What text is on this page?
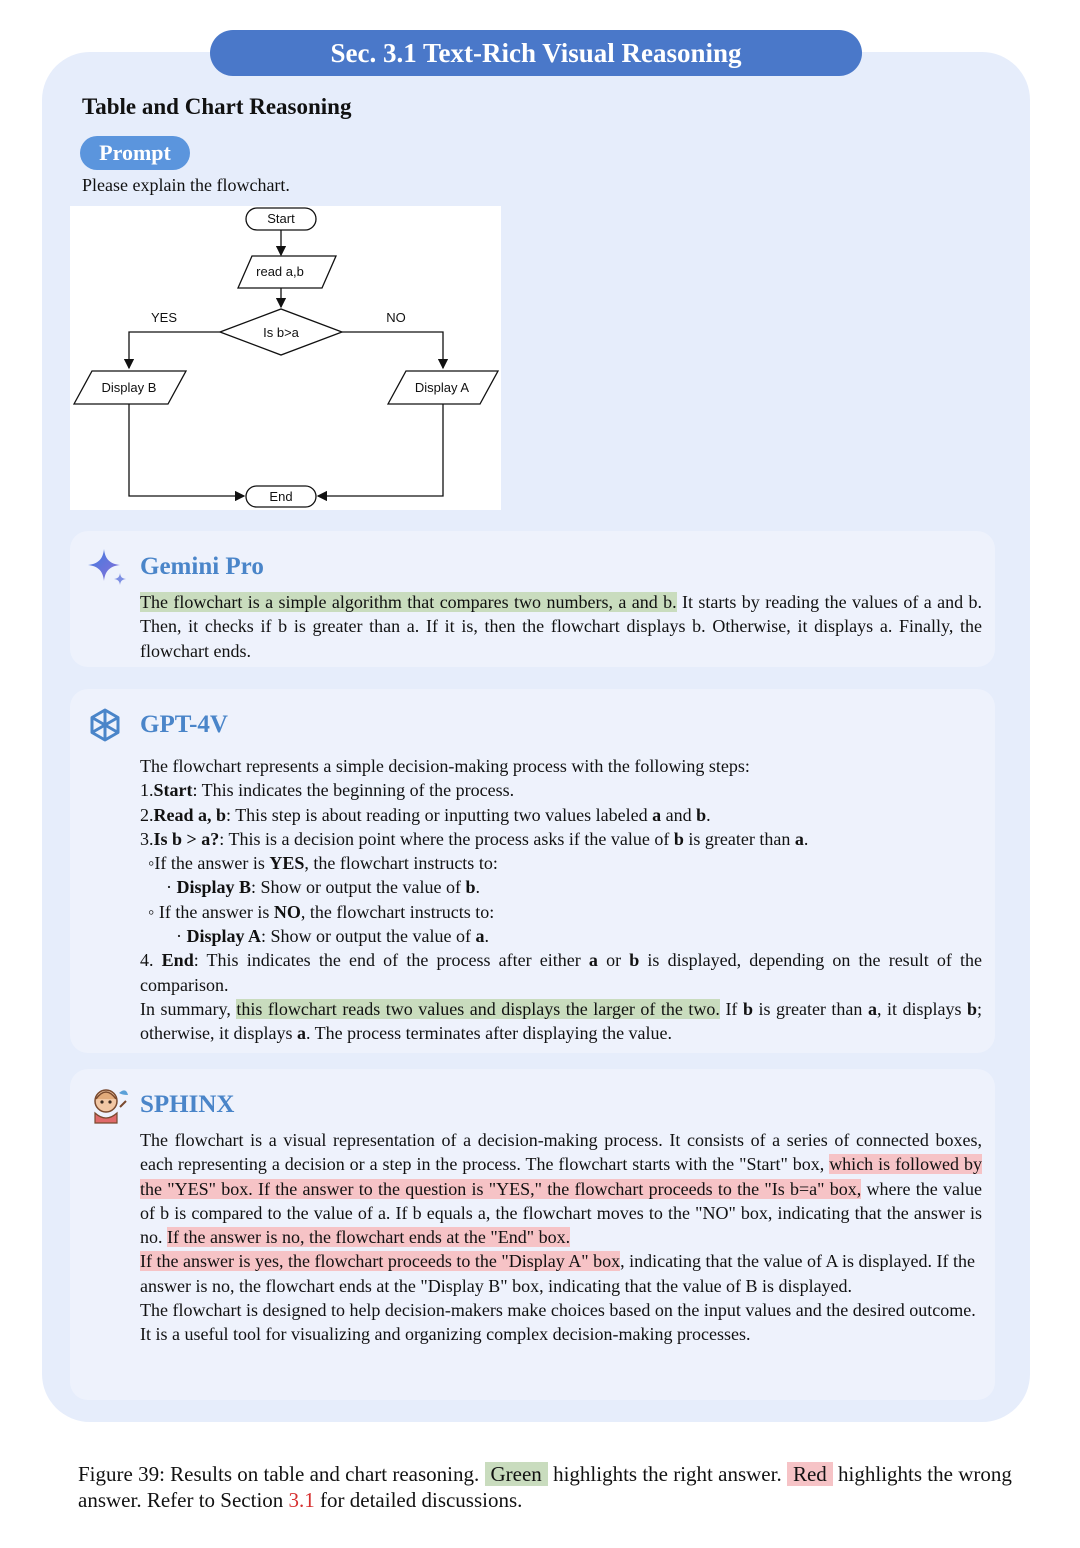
Sec. 3.1 Text-Rich Visual Reasoning
Table and Chart Reasoning
Prompt
Please explain the flowchart.
Start
read a,b
Is b>a
YES	NO
Display B	Display A
End
Gemini Pro
The flowchart is a simple algorithm that compares two numbers, a and b. It starts by reading the values of a and b. Then, it checks if b is greater than a. If it is, then the flowchart displays b. Otherwise, it displays a. Finally, the flowchart ends.
GPT-4V

The flowchart represents a simple decision-making process with the following steps:

1.Start: This indicates the beginning of the process.

2.Read a, b: This step is about reading or inputting two values labeled a and b.

3.Is b > a?: This is a decision point where the process asks if the value of b is greater than a.

◦If the answer is YES, the flowchart instructs to:

· Display B: Show or output the value of b.

◦ If the answer is NO, the flowchart instructs to:

· Display A: Show or output the value of a.

4. End: This indicates the end of the process after either a or b is displayed, depending on the result of the comparison.

In summary, this flowchart reads two values and displays the larger of the two. If b is greater than a, it displays b; otherwise, it displays a. The process terminates after displaying the value.

SPHINX

The flowchart is a visual representation of a decision-making process. It consists of a series of connected boxes, each representing a decision or a step in the process. The flowchart starts with the "Start" box, which is followed by the "YES" box. If the answer to the question is "YES," the flowchart proceeds to the "Is b=a" box, where the value of b is compared to the value of a. If b equals a, the flowchart moves to the "NO" box, indicating that the answer is no. If the answer is no, the flowchart ends at the "End" box.

If the answer is yes, the flowchart proceeds to the "Display A" box, indicating that the value of A is displayed. If the answer is no, the flowchart ends at the "Display B" box, indicating that the value of B is displayed.

The flowchart is designed to help decision-makers make choices based on the input values and the desired outcome. It is a useful tool for visualizing and organizing complex decision-making processes.

Figure 39: Results on table and chart reasoning. Green highlights the right answer. Red highlights the wrong answer. Refer to Section 3.1 for detailed discussions.
